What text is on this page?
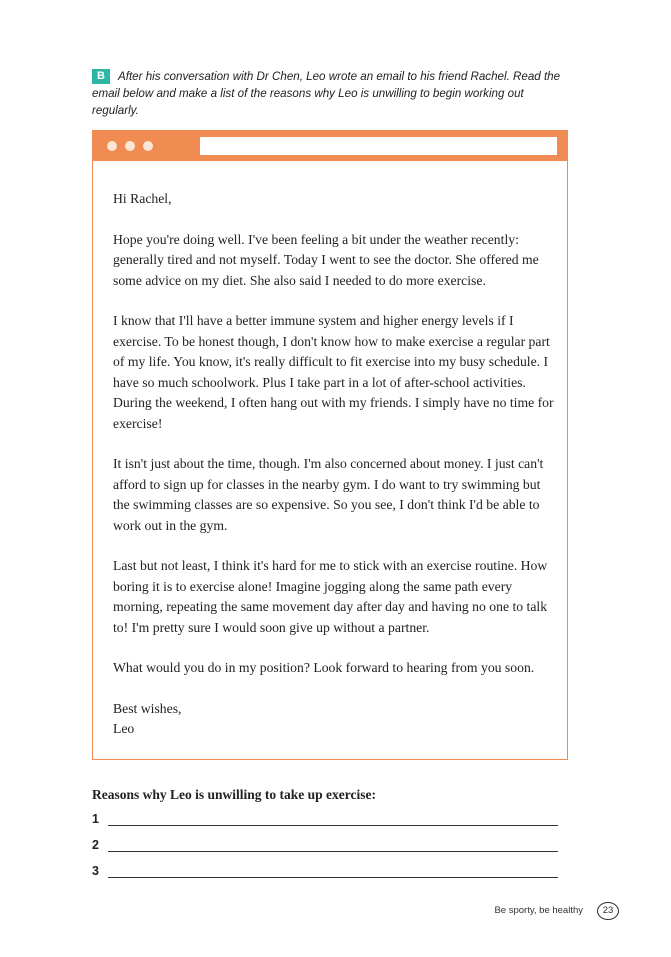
B After his conversation with Dr Chen, Leo wrote an email to his friend Rachel. Read the email below and make a list of the reasons why Leo is unwilling to begin working out regularly.

Hi Rachel,

Hope you're doing well. I've been feeling a bit under the weather recently: generally tired and not myself. Today I went to see the doctor. She offered me some advice on my diet. She also said I needed to do more exercise.

I know that I'll have a better immune system and higher energy levels if I exercise. To be honest though, I don't know how to make exercise a regular part of my life. You know, it's really difficult to fit exercise into my busy schedule. I have so much schoolwork. Plus I take part in a lot of after-school activities. During the weekend, I often hang out with my friends. I simply have no time for exercise!

It isn't just about the time, though. I'm also concerned about money. I just can't afford to sign up for classes in the nearby gym. I do want to try swimming but the swimming classes are so expensive. So you see, I don't think I'd be able to work out in the gym.

Last but not least, I think it's hard for me to stick with an exercise routine. How boring it is to exercise alone! Imagine jogging along the same path every morning, repeating the same movement day after day and having no one to talk to! I'm pretty sure I would soon give up without a partner.

What would you do in my position? Look forward to hearing from you soon.

Best wishes,
Leo

Reasons why Leo is unwilling to take up exercise:
1
2
3
Be sporty, be healthy 23
